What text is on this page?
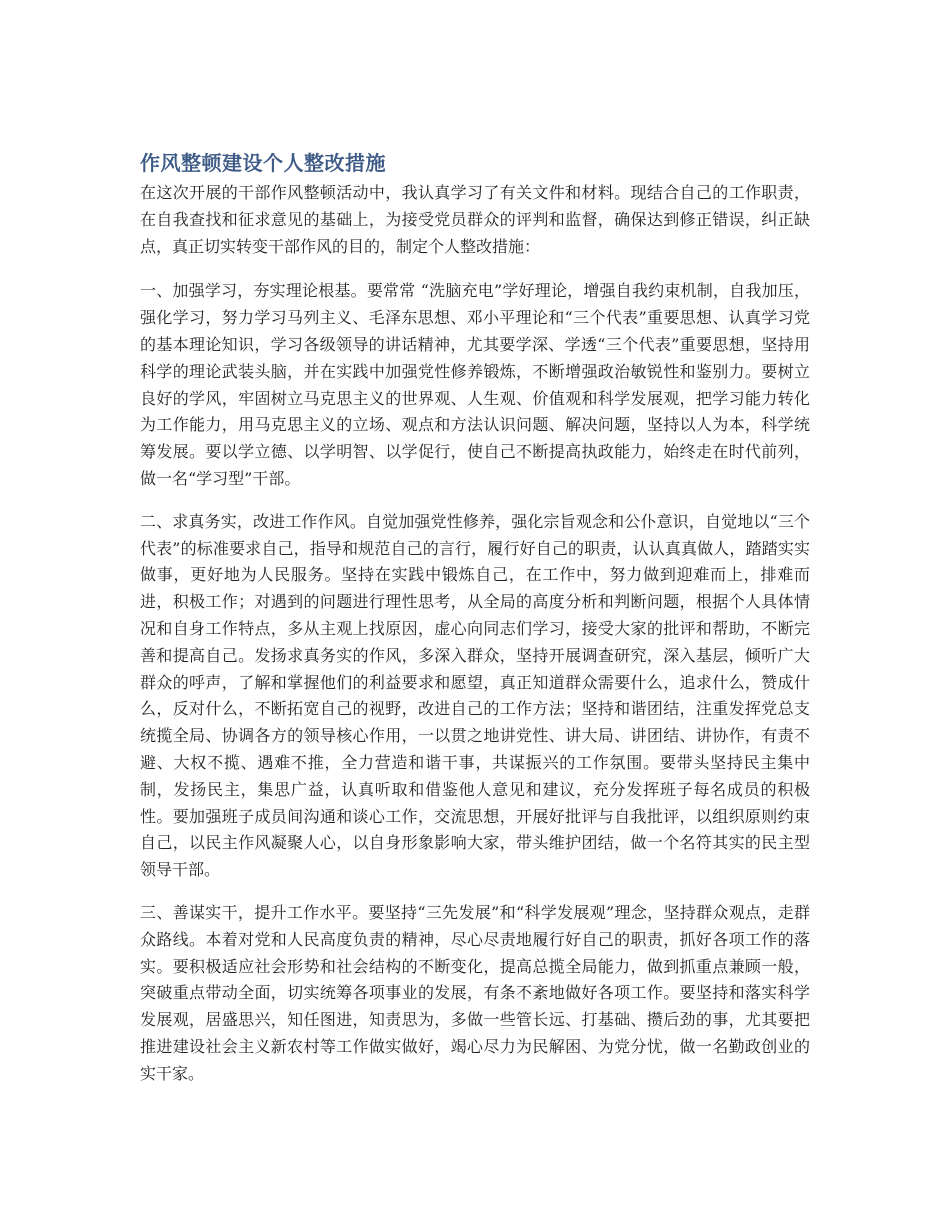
作风整顿建设个人整改措施

在这次开展的干部作风整顿活动中，我认真学习了有关文件和材料。现结合自己的工作职责，在自我查找和征求意见的基础上，为接受党员群众的评判和监督，确保达到修正错误，纠正缺点，真正切实转变干部作风的目的，制定个人整改措施：

一、加强学习，夯实理论根基。要常常 “洗脑充电”学好理论，增强自我约束机制，自我加压，强化学习，努力学习马列主义、毛泽东思想、邓小平理论和“三个代表”重要思想、认真学习党的基本理论知识，学习各级领导的讲话精神，尤其要学深、学透“三个代表”重要思想，坚持用科学的理论武装头脑，并在实践中加强党性修养锻炼，不断增强政治敏锐性和鉴别力。要树立良好的学风，牢固树立马克思主义的世界观、人生观、价值观和科学发展观，把学习能力转化为工作能力，用马克思主义的立场、观点和方法认识问题、解决问题，坚持以人为本，科学统筹发展。要以学立德、以学明智、以学促行，使自己不断提高执政能力，始终走在时代前列，做一名“学习型”干部。

二、求真务实，改进工作作风。自觉加强党性修养，强化宗旨观念和公仆意识，自觉地以“三个代表”的标准要求自己，指导和规范自己的言行，履行好自己的职责，认认真真做人，踏踏实实做事，更好地为人民服务。坚持在实践中锻炼自己，在工作中，努力做到迎难而上，排难而进，积极工作；对遇到的问题进行理性思考，从全局的高度分析和判断问题，根据个人具体情况和自身工作特点，多从主观上找原因，虚心向同志们学习，接受大家的批评和帮助，不断完善和提高自己。发扬求真务实的作风，多深入群众，坚持开展调查研究，深入基层，倾听广大群众的呼声，了解和掌握他们的利益要求和愿望，真正知道群众需要什么，追求什么，赞成什么，反对什么，不断拓宽自己的视野，改进自己的工作方法；坚持和谐团结，注重发挥党总支统揽全局、协调各方的领导核心作用，一以贯之地讲党性、讲大局、讲团结、讲协作，有责不避、大权不揽、遇难不推，全力营造和谐干事，共谋振兴的工作氛围。要带头坚持民主集中制，发扬民主，集思广益，认真听取和借鉴他人意见和建议，充分发挥班子每名成员的积极性。要加强班子成员间沟通和谈心工作，交流思想，开展好批评与自我批评，以组织原则约束自己，以民主作风凝聚人心，以自身形象影响大家，带头维护团结，做一个名符其实的民主型领导干部。

三、善谋实干，提升工作水平。要坚持“三先发展”和“科学发展观”理念，坚持群众观点，走群众路线。本着对党和人民高度负责的精神，尽心尽责地履行好自己的职责，抓好各项工作的落实。要积极适应社会形势和社会结构的不断变化，提高总揽全局能力，做到抓重点兼顾一般，突破重点带动全面，切实统筹各项事业的发展，有条不紊地做好各项工作。要坚持和落实科学发展观，居盛思兴，知任图进，知责思为，多做一些管长远、打基础、攒后劲的事，尤其要把推进建设社会主义新农村等工作做实做好，竭心尽力为民解困、为党分忧，做一名勤政创业的实干家。
